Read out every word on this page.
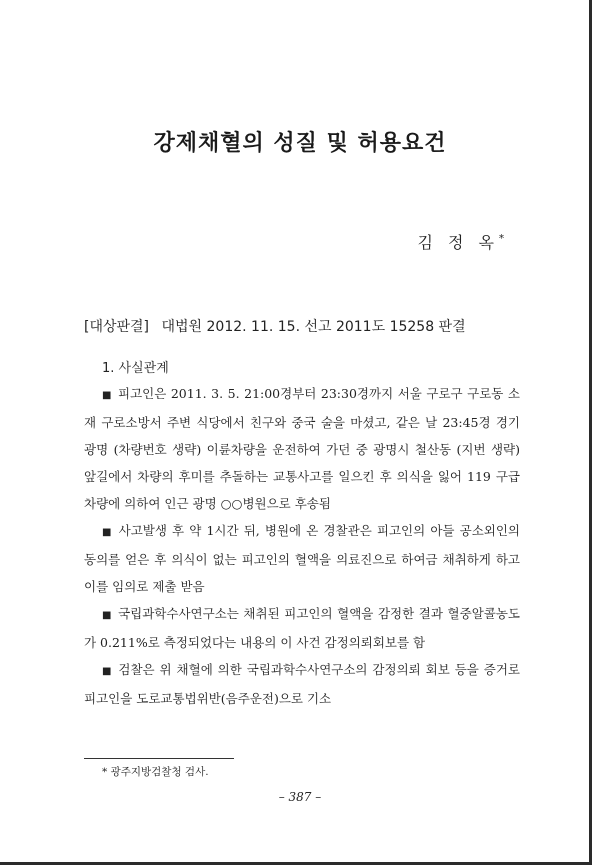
강제채혈의 성질 및 허용요건
김 정 옥*
[대상판결] 대법원 2012. 11. 15. 선고 2011도 15258 판결
1. 사실관계

■ 피고인은 2011. 3. 5. 21:00경부터 23:30경까지 서울 구로구 구로동 소재 구로소방서 주변 식당에서 친구와 중국 술을 마셨고, 같은 날 23:45경 경기 광명 (차량번호 생략) 이륜차량을 운전하여 가던 중 광명시 철산동 (지번 생략) 앞길에서 차량의 후미를 추돌하는 교통사고를 일으킨 후 의식을 잃어 119 구급차량에 의하여 인근 광명 ○○병원으로 후송됨

■ 사고발생 후 약 1시간 뒤, 병원에 온 경찰관은 피고인의 아들 공소외인의 동의를 얻은 후 의식이 없는 피고인의 혈액을 의료진으로 하여금 채취하게 하고 이를 임의로 제출 받음

■ 국립과학수사연구소는 채취된 피고인의 혈액을 감정한 결과 혈중알콜농도가 0.211%로 측정되었다는 내용의 이 사건 감정의뢰회보를 함

■ 검찰은 위 채혈에 의한 국립과학수사연구소의 감정의뢰 회보 등을 증거로 피고인을 도로교통법위반(음주운전)으로 기소

* 광주지방검찰청 검사.
– 387 –
